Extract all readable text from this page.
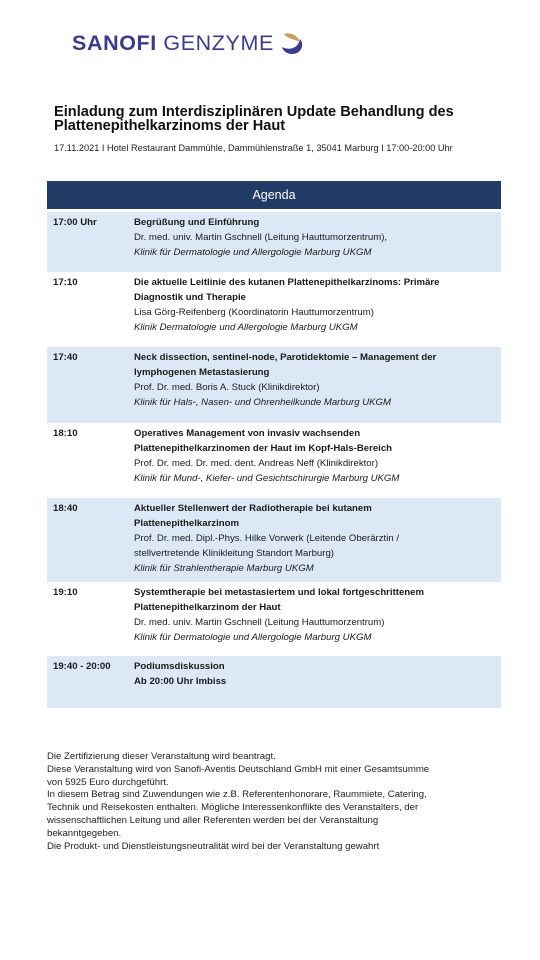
SANOFI GENZYME
Einladung zum Interdisziplinären Update Behandlung des Plattenepithelkarzinoms der Haut
17.11.2021 I Hotel Restaurant Dammühle, Dammühlenstraße 1, 35041 Marburg I 17:00-20:00 Uhr
Agenda
17:00 Uhr	Begrüßung und Einführung
Dr. med. univ. Martin Gschnell (Leitung Hauttumorzentrum),
Klinik für Dermatologie und Allergologie Marburg UKGM
17:10	Die aktuelle Leitlinie des kutanen Plattenepithelkarzinoms: Primäre
Diagnostik und Therapie
Lisa Görg-Reifenberg (Koordinatorin Hauttumorzentrum)
Klinik Dermatologie und Allergologie Marburg UKGM
17:40	Neck dissection, sentinel-node, Parotidektomie – Management der
lymphogenen Metastasierung
Prof. Dr. med. Boris A. Stuck (Klinikdirektor)
Klinik für Hals-, Nasen- und Ohrenheilkunde Marburg UKGM
18:10	Operatives Management von invasiv wachsenden
Plattenepithelkarzinomen der Haut im Kopf-Hals-Bereich
Prof. Dr. med. Dr. med. dent. Andreas Neff (Klinikdirektor)
Klinik für Mund-, Kiefer- und Gesichtschirurgie Marburg UKGM
18:40	Aktueller Stellenwert der Radiotherapie bei kutanem
Plattenepithelkarzinom
Prof. Dr. med. Dipl.-Phys. Hilke Vorwerk (Leitende Oberärztin /
stellvertretende Klinikleitung Standort Marburg)
Klinik für Strahlentherapie Marburg UKGM
19:10	Systemtherapie bei metastasiertem und lokal fortgeschrittenem
Plattenepithelkarzinom der Haut
Dr. med. univ. Martin Gschnell (Leitung Hauttumorzentrum)
Klinik für Dermatologie und Allergologie Marburg UKGM
19:40 - 20:00 Podiumsdiskussion
Ab 20:00 Uhr Imbiss
Die Zertifizierung dieser Veranstaltung wird beantragt.
Diese Veranstaltung wird von Sanofi-Aventis Deutschland GmbH mit einer Gesamtsumme
von 5925 Euro durchgeführt.
In diesem Betrag sind Zuwendungen wie z.B. Referentenhonorare, Raummiete, Catering,
Technik und Reisekosten enthalten. Mögliche Interessenkonflikte des Veranstalters, der
wissenschaftlichen Leitung und aller Referenten werden bei der Veranstaltung
bekanntgegeben.
Die Produkt- und Dienstleistungsneutralität wird bei der Veranstaltung gewahrt
